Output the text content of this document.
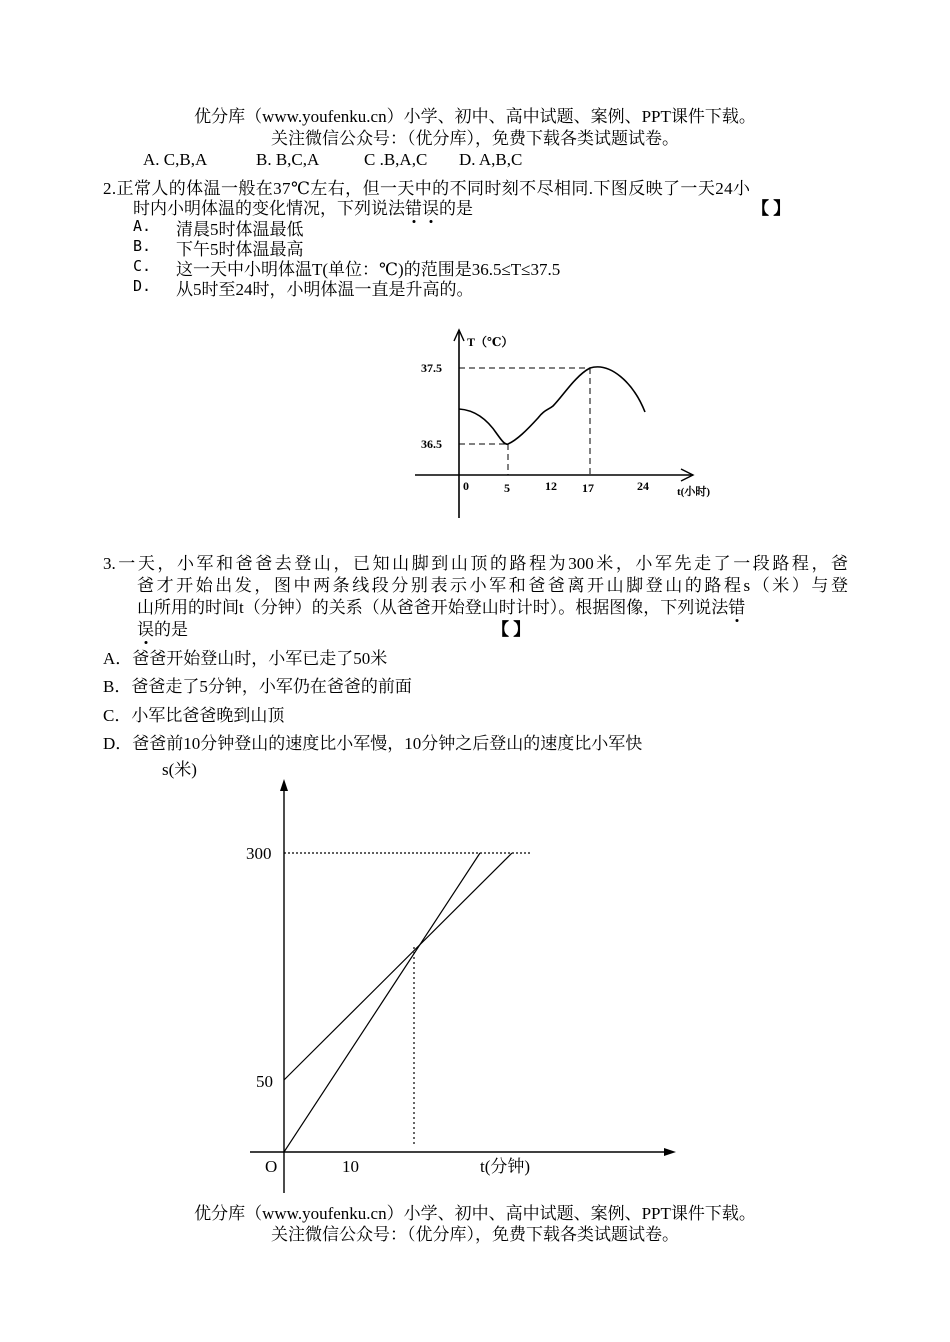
优分库（www.youfenku.cn）小学、初中、高中试题、案例、PPT课件下载。
关注微信公众号：（优分库），免费下载各类试题试卷。
A. C,B,A	B. B,C,A	C .B,A,C D. A,B,C
2.正常人的体温一般在37℃左右，但一天中的不同时刻不尽相同.下图反映了一天24小
时内小明体温的变化情况，下列说法错误的是	【 】
A. 清晨5时体温最低
B. 下午5时体温最高
C. 这一天中小明体温T(单位：℃)的范围是36.5≤T≤37.5
D. 从5时至24时，小明体温一直是升高的。
T（℃）
37.5
36.5
0	5	12 17	24	t(小时)
3.一天，小军和爸爸去登山，已知山脚到山顶的路程为300米，小军先走了一段路程，爸
爸才开始出发，图中两条线段分别表示小军和爸爸离开山脚登山的路程s（米）与登
山所用的时间t（分钟）的关系（从爸爸开始登山时计时）。根据图像，下列说法错
误的是	【 】
A．爸爸开始登山时，小军已走了50米
B．爸爸走了5分钟，小军仍在爸爸的前面
C．小军比爸爸晚到山顶
D．爸爸前10分钟登山的速度比小军慢，10分钟之后登山的速度比小军快
s(米)
300
50
O	10	t(分钟)
优分库（www.youfenku.cn）小学、初中、高中试题、案例、PPT课件下载。
关注微信公众号：（优分库），免费下载各类试题试卷。
